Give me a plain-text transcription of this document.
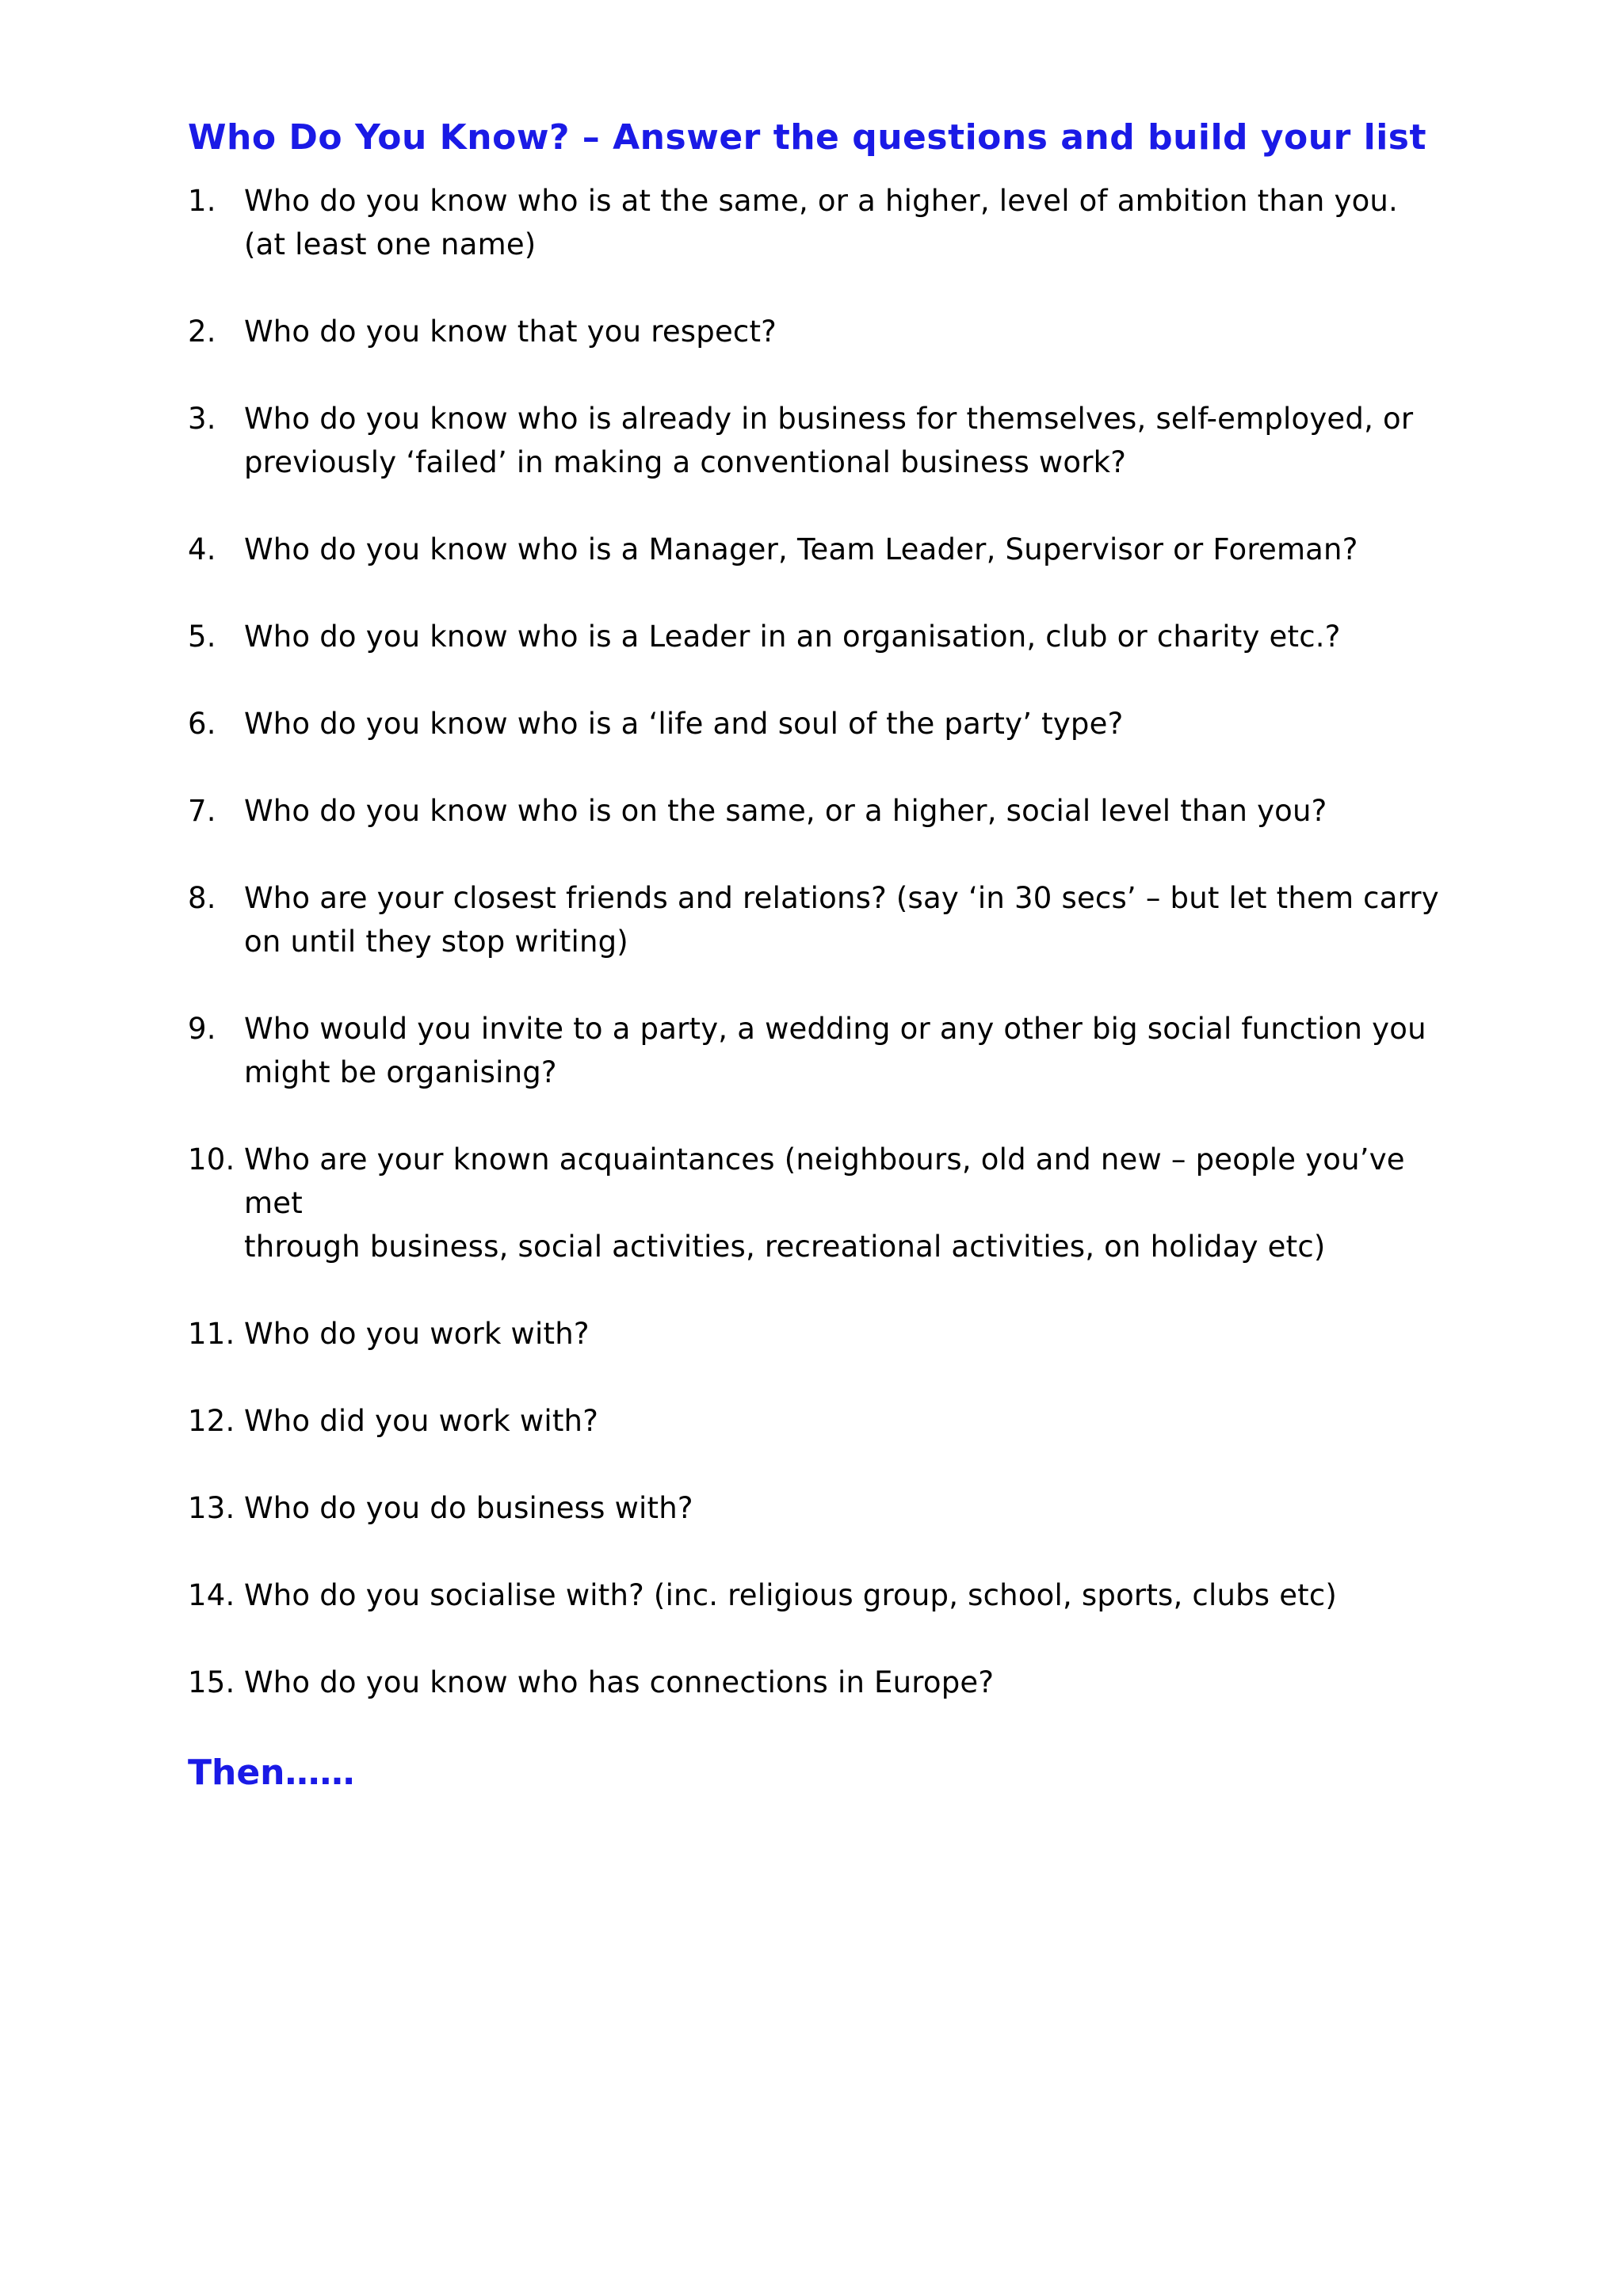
Who Do You Know? – Answer the questions and build your list
1. Who do you know who is at the same, or a higher, level of ambition than you.
(at least one name)
2. Who do you know that you respect?
3. Who do you know who is already in business for themselves, self-employed, or
previously ‘failed’ in making a conventional business work?
4. Who do you know who is a Manager, Team Leader, Supervisor or Foreman?
5. Who do you know who is a Leader in an organisation, club or charity etc.?
6. Who do you know who is a ‘life and soul of the party’ type?
7. Who do you know who is on the same, or a higher, social level than you?
8. Who are your closest friends and relations? (say ‘in 30 secs’ – but let them carry
on until they stop writing)
9. Who would you invite to a party, a wedding or any other big social function you
might be organising?
10. Who are your known acquaintances (neighbours, old and new – people you’ve met
through business, social activities, recreational activities, on holiday etc)
11. Who do you work with?
12. Who did you work with?
13. Who do you do business with?
14. Who do you socialise with? (inc. religious group, school, sports, clubs etc)
15. Who do you know who has connections in Europe?
Then……
